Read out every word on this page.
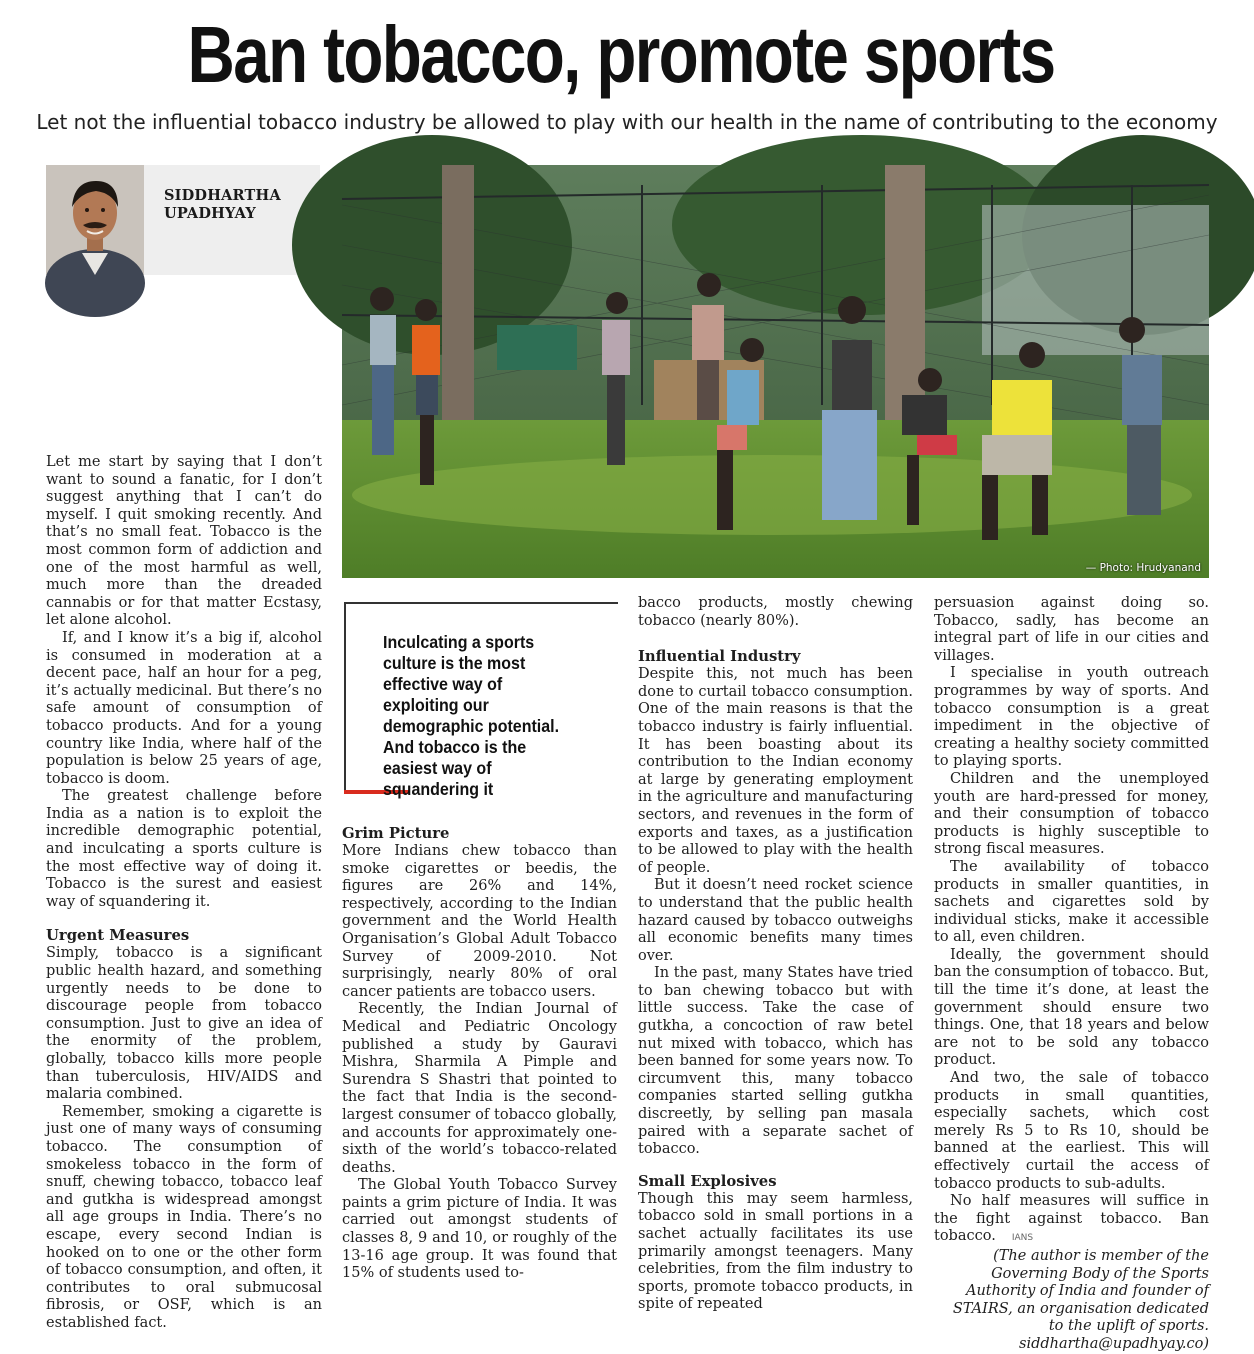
Ban tobacco, promote sports
Let not the influential tobacco industry be allowed to play with our health in the name of contributing to the economy
SIDDHARTHA
UPADHYAY
— Photo: Hrudyanand

Let me start by saying that I don’t want to sound a fanatic, for I don’t suggest anything that I can’t do myself. I quit smoking recently. And that’s no small feat. Tobacco is the most common form of addiction and one of the most harmful as well, much more than the dreaded cannabis or for that matter Ecstasy, let alone alcohol.

If, and I know it’s a big if, alcohol is consumed in moderation at a decent pace, half an hour for a peg, it’s actually medicinal. But there’s no safe amount of consumption of tobacco products. And for a young country like India, where half of the population is below 25 years of age, tobacco is doom.

The greatest challenge before India as a nation is to exploit the incredible demographic potential, and inculcating a sports culture is the most effective way of doing it. Tobacco is the surest and easiest way of squandering it.

Urgent Measures

Simply, tobacco is a significant public health hazard, and something urgently needs to be done to discourage people from tobacco consumption. Just to give an idea of the enormity of the problem, globally, tobacco kills more people than tuberculosis, HIV/AIDS and malaria combined.

Remember, smoking a cigarette is just one of many ways of consuming tobacco. The consumption of smokeless tobacco in the form of snuff, chewing tobacco, tobacco leaf and gutkha is widespread amongst all age groups in India. There’s no escape, every second Indian is hooked on to one or the other form of tobacco consumption, and often, it contributes to oral submucosal fibrosis, or OSF, which is an established fact.

Inculcating a sports culture is the most effective way of exploiting our demographic potential. And tobacco is the easiest way of squandering it
Grim Picture

More Indians chew tobacco than smoke cigarettes or beedis, the figures are 26% and 14%, respectively, according to the Indian government and the World Health Organisation’s Global Adult Tobacco Survey of 2009-2010. Not surprisingly, nearly 80% of oral cancer patients are tobacco users.

Recently, the Indian Journal of Medical and Pediatric Oncology published a study by Gauravi Mishra, Sharmila A Pimple and Surendra S Shastri that pointed to the fact that India is the second-largest consumer of tobacco globally, and accounts for approximately one-sixth of the world’s tobacco-related deaths.

The Global Youth Tobacco Survey paints a grim picture of India. It was carried out amongst students of classes 8, 9 and 10, or roughly of the 13-16 age group. It was found that 15% of students used to-

bacco products, mostly chewing tobacco (nearly 80%).

Influential Industry

Despite this, not much has been done to curtail tobacco consumption. One of the main reasons is that the tobacco industry is fairly influential. It has been boasting about its contribution to the Indian economy at large by generating employment in the agriculture and manufacturing sectors, and revenues in the form of exports and taxes, as a justification to be allowed to play with the health of people.

But it doesn’t need rocket science to understand that the public health hazard caused by tobacco outweighs all economic benefits many times over.

In the past, many States have tried to ban chewing tobacco but with little success. Take the case of gutkha, a concoction of raw betel nut mixed with tobacco, which has been banned for some years now. To circumvent this, many tobacco companies started selling gutkha discreetly, by selling pan masala paired with a separate sachet of tobacco.

Small Explosives

Though this may seem harmless, tobacco sold in small portions in a sachet actually facilitates its use primarily amongst teenagers. Many celebrities, from the film industry to sports, promote tobacco products, in spite of repeated

persuasion against doing so. Tobacco, sadly, has become an integral part of life in our cities and villages.

I specialise in youth outreach programmes by way of sports. And tobacco consumption is a great impediment in the objective of creating a healthy society committed to playing sports.

Children and the unemployed youth are hard-pressed for money, and their consumption of tobacco products is highly susceptible to strong fiscal measures.

The availability of tobacco products in smaller quantities, in sachets and cigarettes sold by individual sticks, make it accessible to all, even children.

Ideally, the government should ban the consumption of tobacco. But, till the time it’s done, at least the government should ensure two things. One, that 18 years and below are not to be sold any tobacco product.

And two, the sale of tobacco products in small quantities, especially sachets, which cost merely Rs 5 to Rs 10, should be banned at the earliest. This will effectively curtail the access of tobacco products to sub-adults.

No half measures will suffice in the fight against tobacco. Ban tobacco. IANS

(The author is member of the Governing Body of the Sports Authority of India and founder of STAIRS, an organisation dedicated to the uplift of sports. siddhartha@upadhyay.co)
